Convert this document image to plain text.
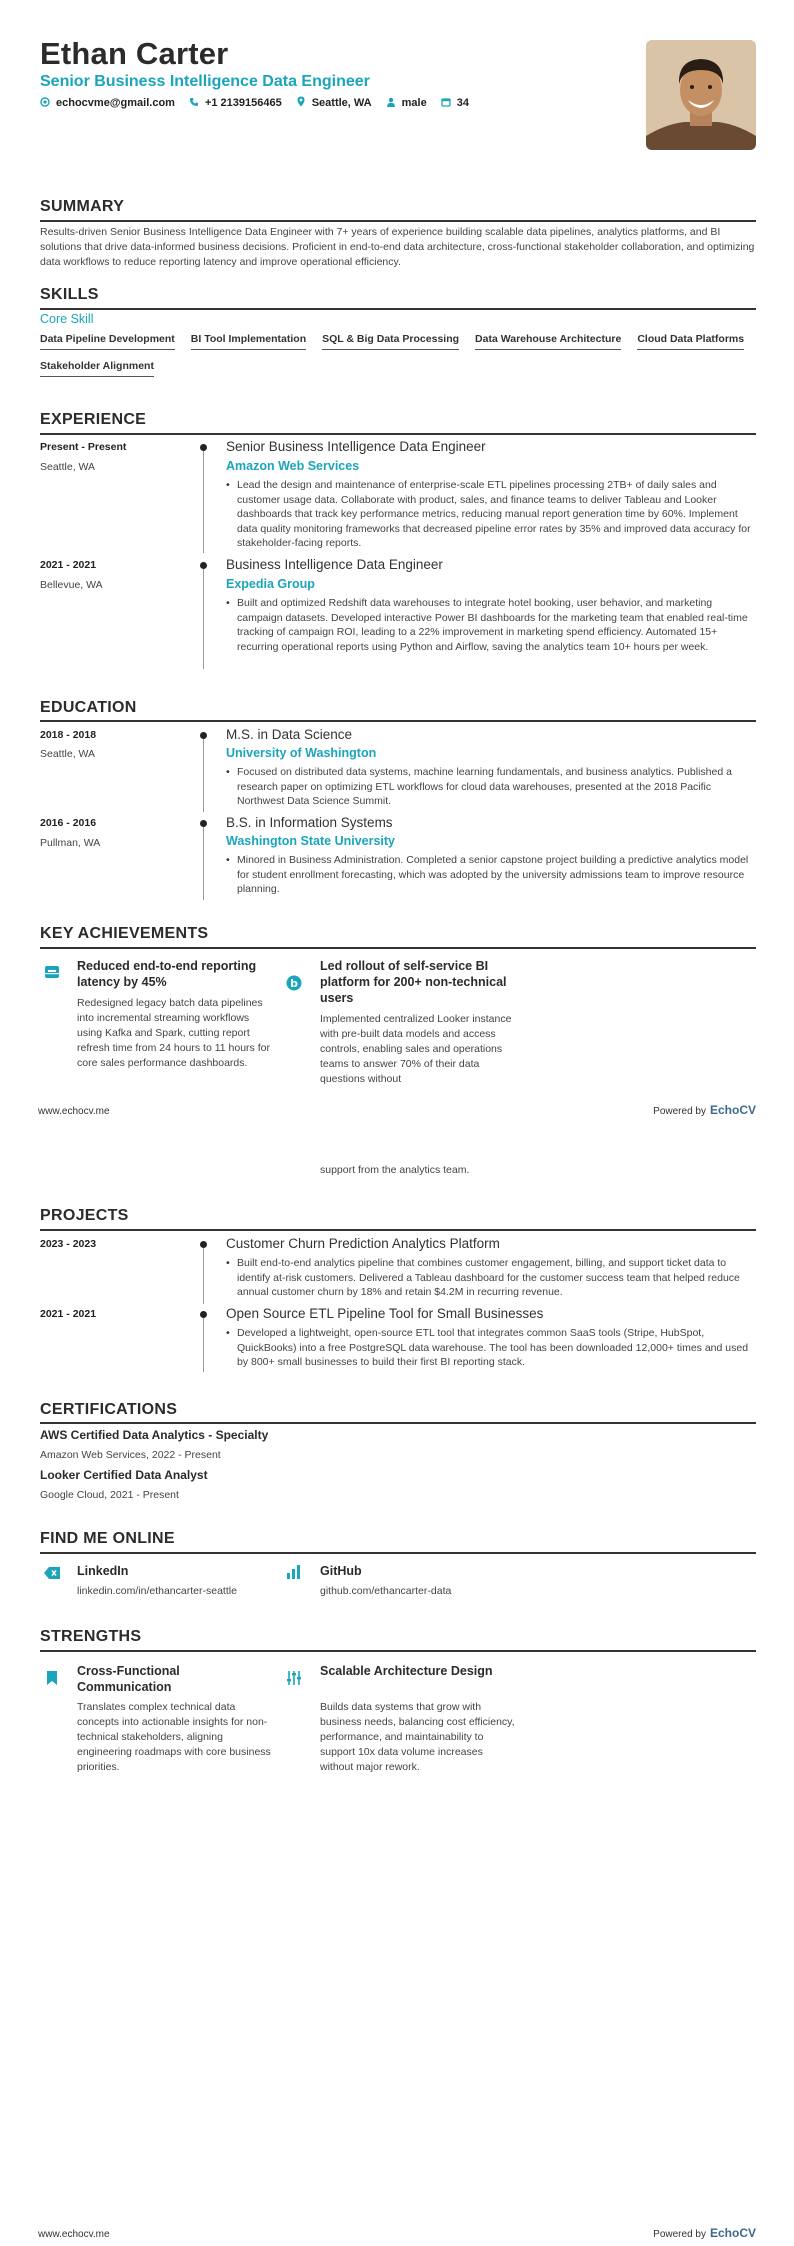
Ethan Carter
Senior Business Intelligence Data Engineer
echocvme@gmail.com	+1 2139156465	Seattle, WA	male	34
SUMMARY
Results-driven Senior Business Intelligence Data Engineer with 7+ years of experience building scalable data pipelines, analytics platforms, and BI solutions that drive data-informed business decisions. Proficient in end-to-end data architecture, cross-functional stakeholder collaboration, and optimizing data workflows to reduce reporting latency and improve operational efficiency.
SKILLS
Core Skill
Data Pipeline Development BI Tool Implementation SQL & Big Data Processing Data Warehouse Architecture Cloud Data Platforms
Stakeholder Alignment
EXPERIENCE
Present - Present
Seattle, WA
Senior Business Intelligence Data Engineer
Amazon Web Services
• Lead the design and maintenance of enterprise-scale ETL pipelines processing 2TB+ of daily sales and customer usage data. Collaborate with product, sales, and finance teams to deliver Tableau and Looker dashboards that track key performance metrics, reducing manual report generation time by 60%. Implement data quality monitoring frameworks that decreased pipeline error rates by 35% and improved data accuracy for stakeholder-facing reports.
2021 - 2021
Bellevue, WA
Business Intelligence Data Engineer
Expedia Group
• Built and optimized Redshift data warehouses to integrate hotel booking, user behavior, and marketing campaign datasets. Developed interactive Power BI dashboards for the marketing team that enabled real-time tracking of campaign ROI, leading to a 22% improvement in marketing spend efficiency. Automated 15+ recurring operational reports using Python and Airflow, saving the analytics team 10+ hours per week.
EDUCATION
2018 - 2018
Seattle, WA
M.S. in Data Science
University of Washington
• Focused on distributed data systems, machine learning fundamentals, and business analytics. Published a research paper on optimizing ETL workflows for cloud data warehouses, presented at the 2018 Pacific Northwest Data Science Summit.
2016 - 2016
Pullman, WA
B.S. in Information Systems
Washington State University
• Minored in Business Administration. Completed a senior capstone project building a predictive analytics model for student enrollment forecasting, which was adopted by the university admissions team to improve resource planning.
KEY ACHIEVEMENTS
Reduced end-to-end reporting latency by 45%
Redesigned legacy batch data pipelines into incremental streaming workflows using Kafka and Spark, cutting report refresh time from 24 hours to 11 hours for core sales performance dashboards.
b
Led rollout of self-service BI platform for 200+ non-technical users
Implemented centralized Looker instance with pre-built data models and access controls, enabling sales and operations teams to answer 70% of their data questions without
www.echocv.me	Powered by EchoCV
support from the analytics team.
PROJECTS
2023 - 2023	Customer Churn Prediction Analytics Platform
• Built end-to-end analytics pipeline that combines customer engagement, billing, and support ticket data to identify at-risk customers. Delivered a Tableau dashboard for the customer success team that helped reduce annual customer churn by 18% and retain $4.2M in recurring revenue.
2021 - 2021	Open Source ETL Pipeline Tool for Small Businesses
• Developed a lightweight, open-source ETL tool that integrates common SaaS tools (Stripe, HubSpot, QuickBooks) into a free PostgreSQL data warehouse. The tool has been downloaded 12,000+ times and used by 800+ small businesses to build their first BI reporting stack.
CERTIFICATIONS
AWS Certified Data Analytics - Specialty
Amazon Web Services, 2022 - Present
Looker Certified Data Analyst
Google Cloud, 2021 - Present
FIND ME ONLINE
LinkedIn
linkedin.com/in/ethancarter-seattle
GitHub
github.com/ethancarter-data
STRENGTHS
Cross-Functional Communication
Translates complex technical data concepts into actionable insights for non-technical stakeholders, aligning engineering roadmaps with core business priorities.
Scalable Architecture Design
Builds data systems that grow with business needs, balancing cost efficiency, performance, and maintainability to support 10x data volume increases without major rework.
www.echocv.me	Powered by EchoCV
